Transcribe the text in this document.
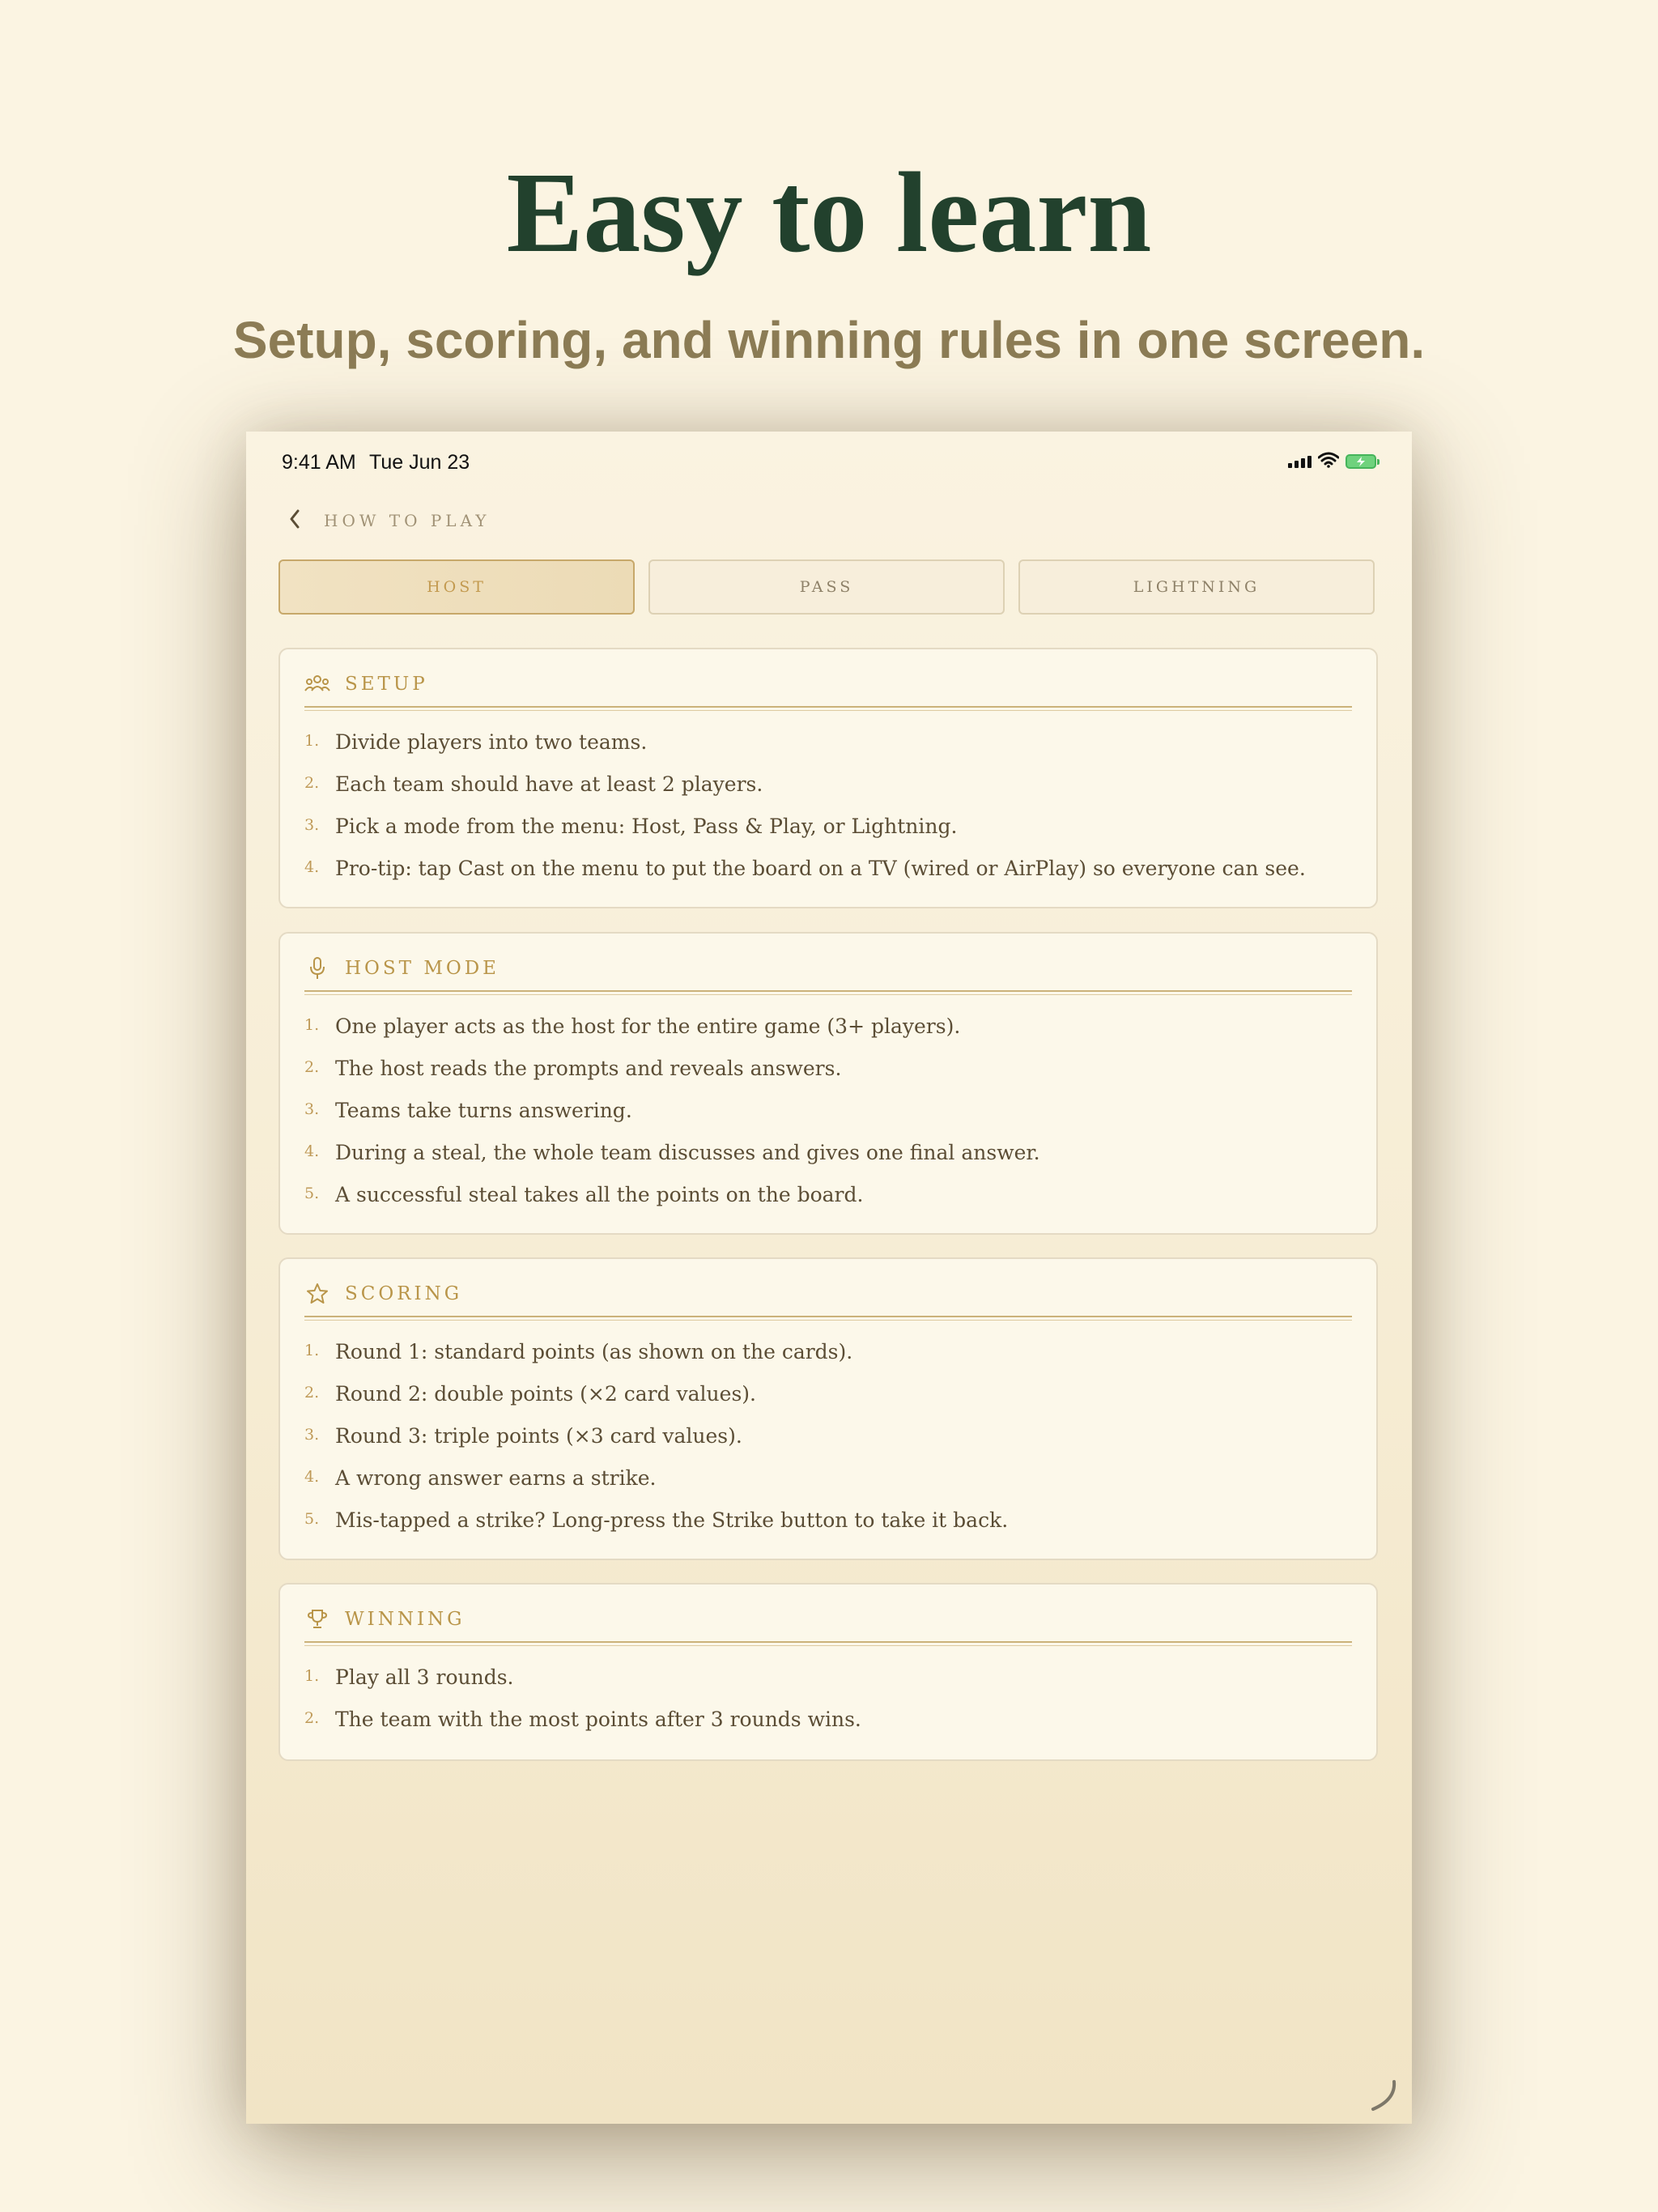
Easy to learn

Setup, scoring, and winning rules in one screen.

9:41 AM Tue Jun 23
HOW TO PLAY
HOST	PASS	LIGHTNING
SETUP
1. Divide players into two teams.
2. Each team should have at least 2 players.
3. Pick a mode from the menu: Host, Pass & Play, or Lightning.
4. Pro-tip: tap Cast on the menu to put the board on a TV (wired or AirPlay) so everyone can see.
HOST MODE
1. One player acts as the host for the entire game (3+ players).
2. The host reads the prompts and reveals answers.
3. Teams take turns answering.
4. During a steal, the whole team discusses and gives one final answer.
5. A successful steal takes all the points on the board.
SCORING
1. Round 1: standard points (as shown on the cards).
2. Round 2: double points (×2 card values).
3. Round 3: triple points (×3 card values).
4. A wrong answer earns a strike.
5. Mis-tapped a strike? Long-press the Strike button to take it back.
WINNING
1. Play all 3 rounds.
2. The team with the most points after 3 rounds wins.
